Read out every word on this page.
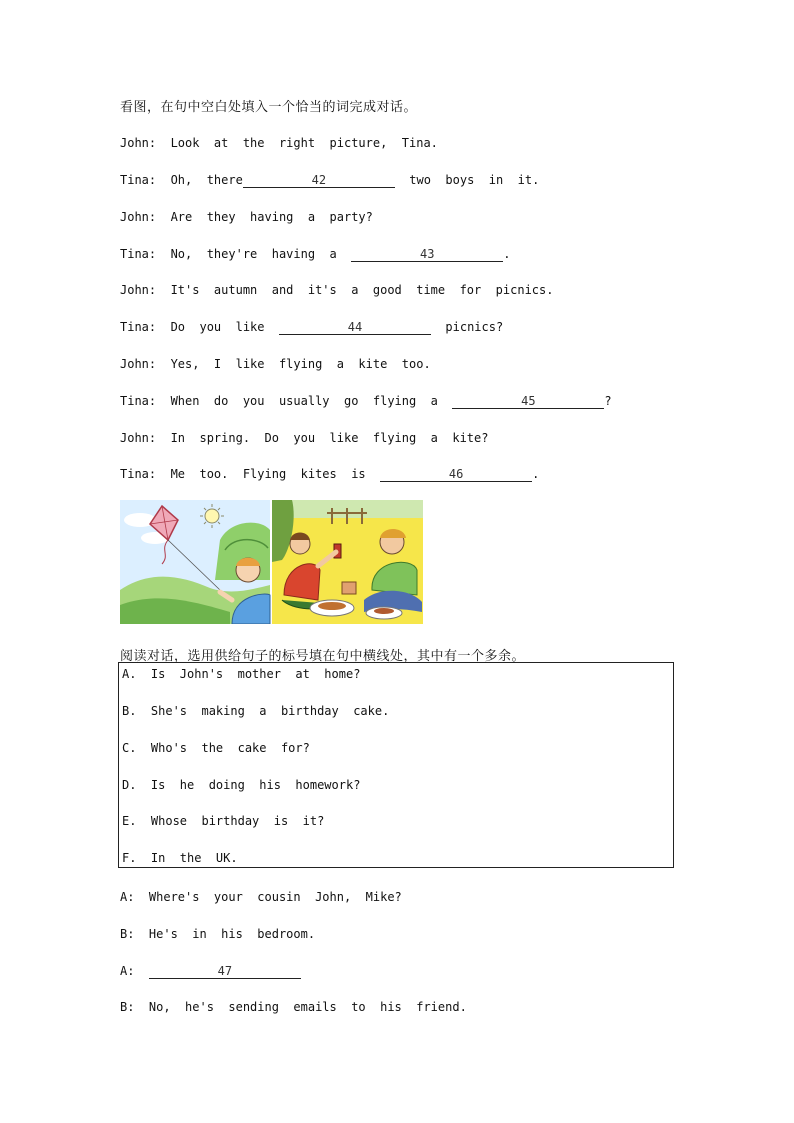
看图，在句中空白处填入一个恰当的词完成对话。
John: Look  at  the  right  picture,  Tina.
Tina: Oh,  there	42	two  boys  in  it.
John: Are  they  having  a  party?
Tina: No,  they're  having  a	43	.
John: It's  autumn  and  it's  a  good  time  for  picnics.
Tina: Do  you  like	44	picnics?
John: Yes,  I  like  flying  a  kite  too.
Tina: When  do  you  usually  go  flying  a	45	?
John: In  spring.  Do  you  like  flying  a  kite?
Tina: Me  too.  Flying  kites  is	46	.
阅读对话，选用供给句子的标号填在句中横线处，其中有一个多余。
A. Is  John's  mother  at  home?
B. She's  making  a  birthday  cake.
C. Who's  the  cake  for?
D. Is  he  doing  his  homework?
E. Whose  birthday  is  it?
F. In  the  UK.
A: Where's  your  cousin  John,  Mike?
B: He's  in  his  bedroom.
A:	47
B: No,  he's  sending  emails  to  his  friend.
